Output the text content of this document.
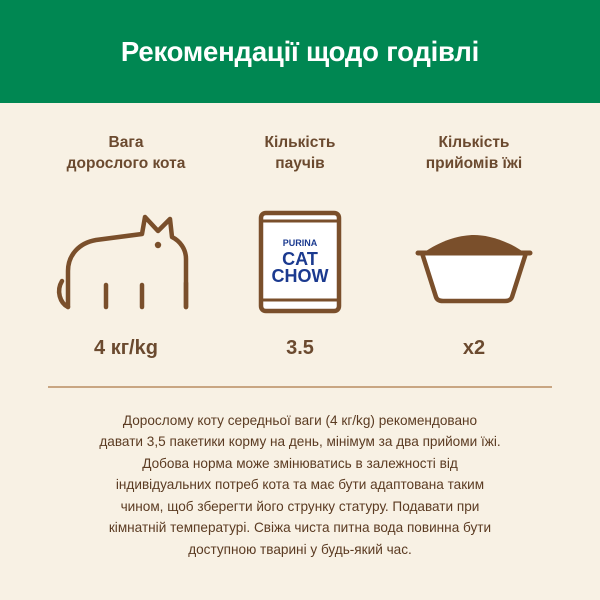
Рекомендації щодо годівлі
Вага
дорослого кота
4 кг/kg
Кількість
паучів
PURINA
CAT
CHOW
3.5
Кількість
прийомів їжі
x2

Дорослому коту середньої ваги (4 кг/kg) рекомендовано

давати 3,5 пакетики корму на день, мінімум за два прийоми їжі.

Добова норма може змінюватись в залежності від

індивідуальних потреб кота та має бути адаптована таким

чином, щоб зберегти його струнку статуру. Подавати при

кімнатній температурі. Свіжа чиста питна вода повинна бути

доступною тварині у будь-який час.
